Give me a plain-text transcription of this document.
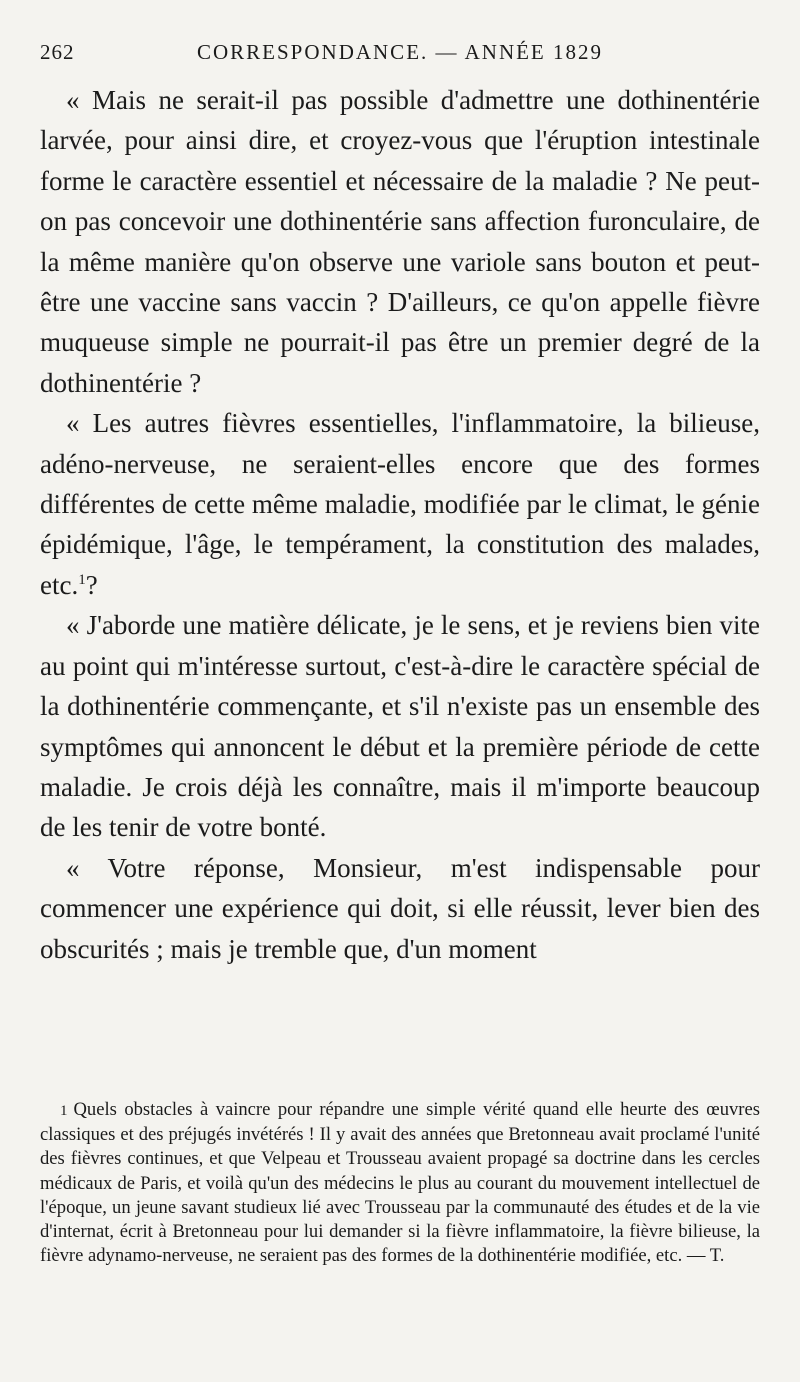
262	CORRESPONDANCE. — ANNÉE 1829

« Mais ne serait-il pas possible d'admettre une dothinentérie larvée, pour ainsi dire, et croyez-vous que l'éruption intestinale forme le caractère essentiel et nécessaire de la maladie ? Ne peut-on pas concevoir une dothinentérie sans affection furonculaire, de la même manière qu'on observe une variole sans bouton et peut-être une vaccine sans vaccin ? D'ailleurs, ce qu'on appelle fièvre muqueuse simple ne pourrait-il pas être un premier degré de la dothinentérie ?

« Les autres fièvres essentielles, l'inflammatoire, la bilieuse, adéno-nerveuse, ne seraient-elles encore que des formes différentes de cette même maladie, modifiée par le climat, le génie épidémique, l'âge, le tempérament, la constitution des malades, etc.$^1$?

« J'aborde une matière délicate, je le sens, et je reviens bien vite au point qui m'intéresse surtout, c'est-à-dire le caractère spécial de la dothinentérie commençante, et s'il n'existe pas un ensemble des symptômes qui annoncent le début et la première période de cette maladie. Je crois déjà les connaître, mais il m'importe beaucoup de les tenir de votre bonté.

« Votre réponse, Monsieur, m'est indispensable pour commencer une expérience qui doit, si elle réussit, lever bien des obscurités ; mais je tremble que, d'un moment

1 Quels obstacles à vaincre pour répandre une simple vérité quand elle heurte des œuvres classiques et des préjugés invétérés ! Il y avait des années que Bretonneau avait proclamé l'unité des fièvres continues, et que Velpeau et Trousseau avaient propagé sa doctrine dans les cercles médicaux de Paris, et voilà qu'un des médecins le plus au courant du mouvement intellectuel de l'époque, un jeune savant studieux lié avec Trousseau par la communauté des études et de la vie d'internat, écrit à Bretonneau pour lui demander si la fièvre inflammatoire, la fièvre bilieuse, la fièvre adynamo-nerveuse, ne seraient pas des formes de la dothinentérie modifiée, etc. — T.
